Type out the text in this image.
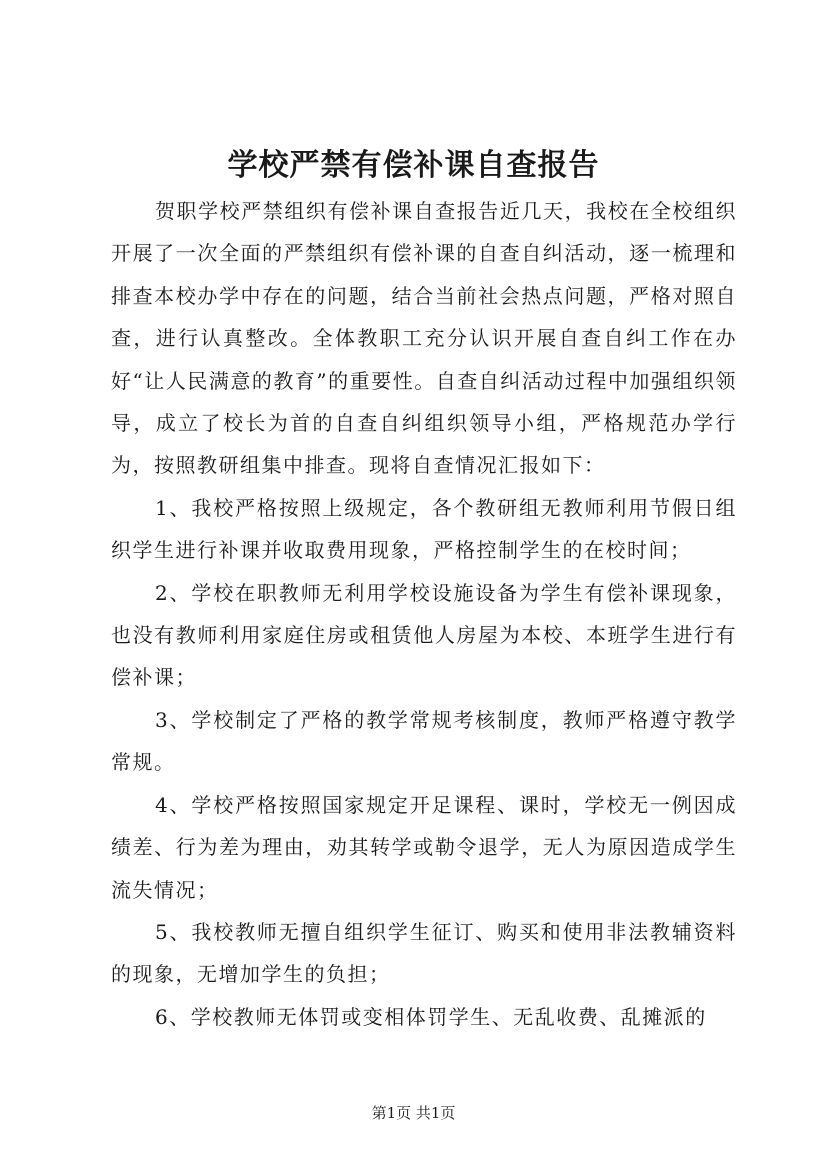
学校严禁有偿补课自查报告

贺职学校严禁组织有偿补课自查报告近几天，我校在全校组织开展了一次全面的严禁组织有偿补课的自查自纠活动，逐一梳理和排查本校办学中存在的问题，结合当前社会热点问题，严格对照自查，进行认真整改。全体教职工充分认识开展自查自纠工作在办好“让人民满意的教育”的重要性。自查自纠活动过程中加强组织领导，成立了校长为首的自查自纠组织领导小组，严格规范办学行为，按照教研组集中排查。现将自查情况汇报如下：

1、我校严格按照上级规定，各个教研组无教师利用节假日组织学生进行补课并收取费用现象，严格控制学生的在校时间；

2、学校在职教师无利用学校设施设备为学生有偿补课现象，也没有教师利用家庭住房或租赁他人房屋为本校、本班学生进行有偿补课；

3、学校制定了严格的教学常规考核制度，教师严格遵守教学常规。

4、学校严格按照国家规定开足课程、课时，学校无一例因成绩差、行为差为理由，劝其转学或勒令退学，无人为原因造成学生流失情况；

5、我校教师无擅自组织学生征订、购买和使用非法教辅资料的现象，无增加学生的负担；

6、学校教师无体罚或变相体罚学生、无乱收费、乱摊派的

第1页 共1页
